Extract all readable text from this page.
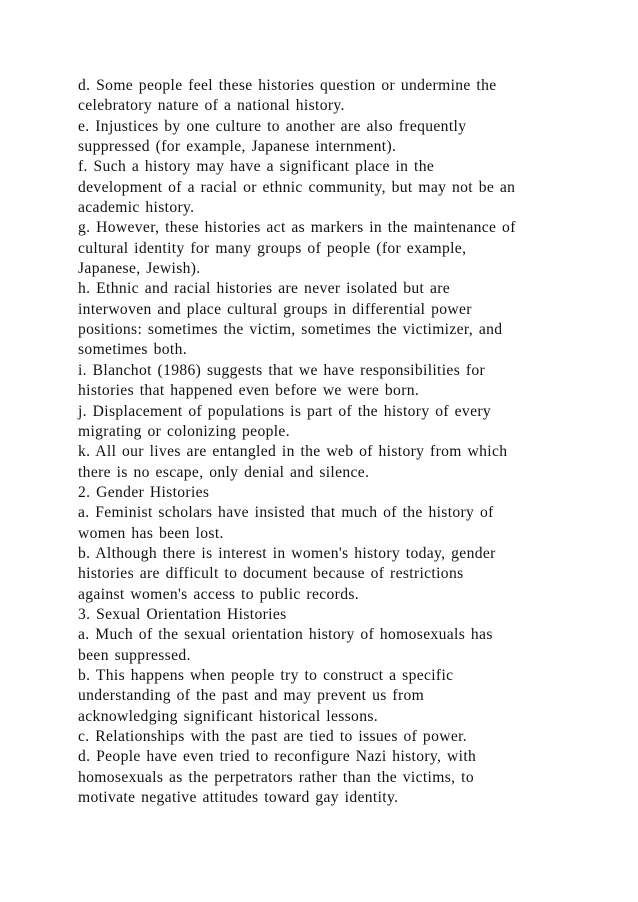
d. Some people feel these histories question or undermine the
celebratory nature of a national history.
e. Injustices by one culture to another are also frequently
suppressed (for example, Japanese internment).
f. Such a history may have a significant place in the
development of a racial or ethnic community, but may not be an
academic history.
g. However, these histories act as markers in the maintenance of
cultural identity for many groups of people (for example,
Japanese, Jewish).
h. Ethnic and racial histories are never isolated but are
interwoven and place cultural groups in differential power
positions: sometimes the victim, sometimes the victimizer, and
sometimes both.
i. Blanchot (1986) suggests that we have responsibilities for
histories that happened even before we were born.
j. Displacement of populations is part of the history of every
migrating or colonizing people.
k. All our lives are entangled in the web of history from which
there is no escape, only denial and silence.
2. Gender Histories
a. Feminist scholars have insisted that much of the history of
women has been lost.
b. Although there is interest in women's history today, gender
histories are difficult to document because of restrictions
against women's access to public records.
3. Sexual Orientation Histories
a. Much of the sexual orientation history of homosexuals has
been suppressed.
b. This happens when people try to construct a specific
understanding of the past and may prevent us from
acknowledging significant historical lessons.
c. Relationships with the past are tied to issues of power.
d. People have even tried to reconfigure Nazi history, with
homosexuals as the perpetrators rather than the victims, to
motivate negative attitudes toward gay identity.
